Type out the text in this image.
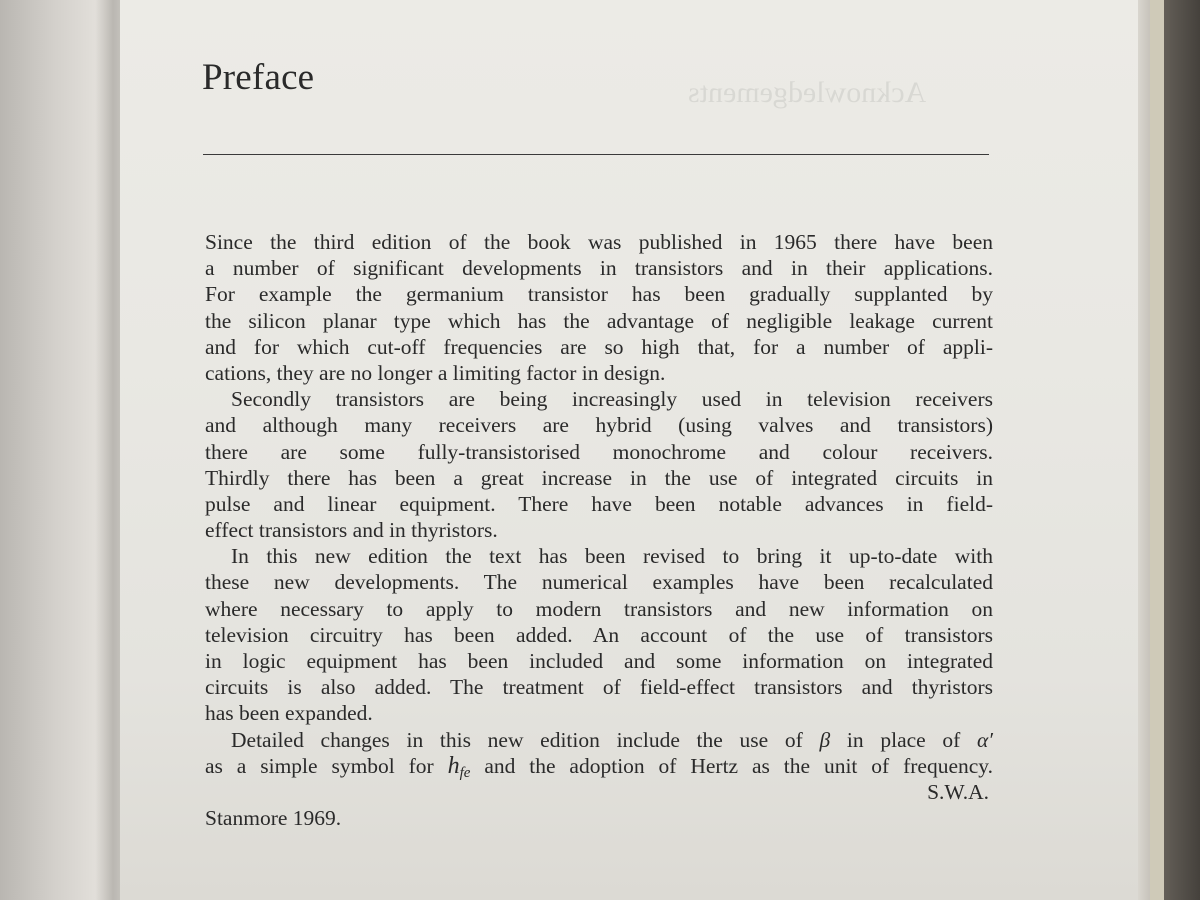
Acknowledgements
Preface
Since the third edition of the book was published in 1965 there have been
a number of significant developments in transistors and in their applications.
For example the germanium transistor has been gradually supplanted by
the silicon planar type which has the advantage of negligible leakage current
and for which cut-off frequencies are so high that, for a number of appli-
cations, they are no longer a limiting factor in design.
Secondly transistors are being increasingly used in television receivers
and although many receivers are hybrid (using valves and transistors)
there are some fully-transistorised monochrome and colour receivers.
Thirdly there has been a great increase in the use of integrated circuits in
pulse and linear equipment. There have been notable advances in field-
effect transistors and in thyristors.
In this new edition the text has been revised to bring it up-to-date with
these new developments. The numerical examples have been recalculated
where necessary to apply to modern transistors and new information on
television circuitry has been added. An account of the use of transistors
in logic equipment has been included and some information on integrated
circuits is also added. The treatment of field-effect transistors and thyristors
has been expanded.
Detailed changes in this new edition include the use of β in place of α′
as a simple symbol for $h_{fe}$ and the adoption of Hertz as the unit of frequency.
S.W.A.
Stanmore 1969.
